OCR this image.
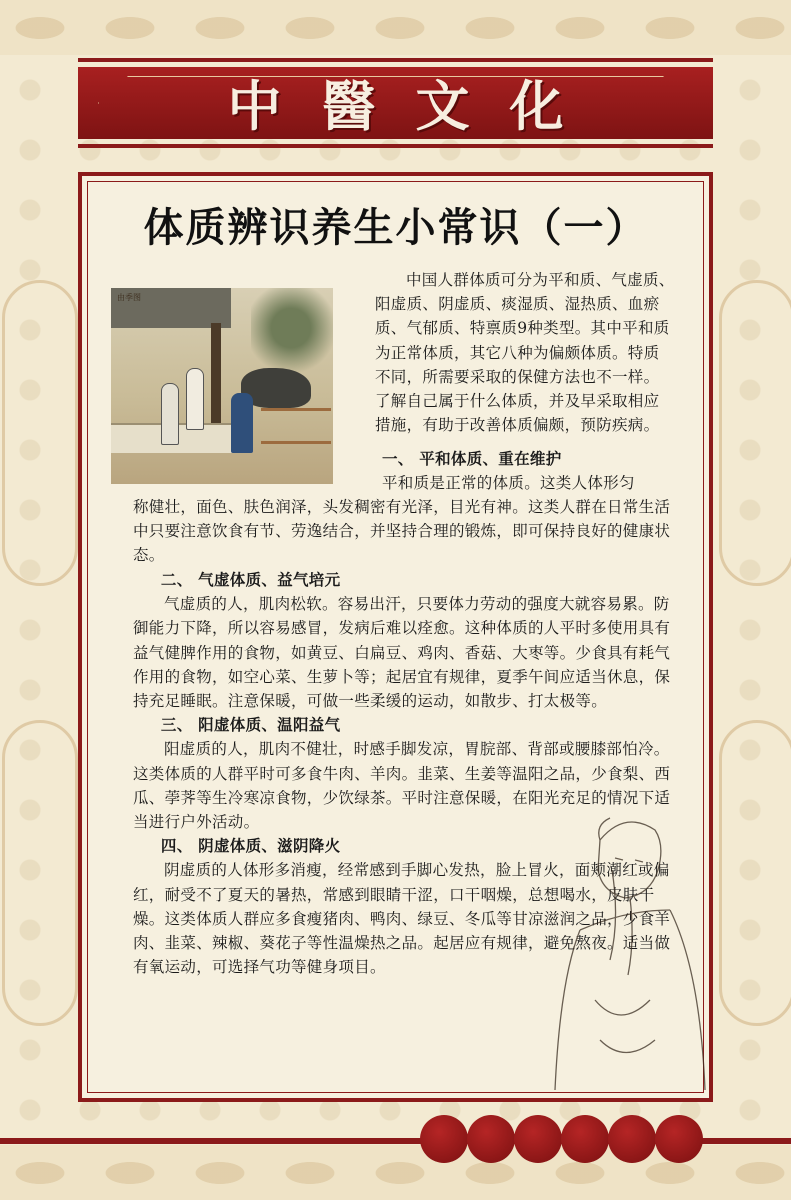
中醫文化
体质辨识养生小常识（一）
由季图
中国人群体质可分为平和质、气虚质、阳虚质、阴虚质、痰湿质、湿热质、血瘀质、气郁质、特禀质9种类型。其中平和质为正常体质，其它八种为偏颇体质。特质不同，所需要采取的保健方法也不一样。了解自己属于什么体质，并及早采取相应措施，有助于改善体质偏颇，预防疾病。
一、 平和体质、重在维护
平和质是正常的体质。这类人体形匀
称健壮，面色、肤色润泽，头发稠密有光泽，目光有神。这类人群在日常生活中只要注意饮食有节、劳逸结合，并坚持合理的锻炼，即可保持良好的健康状态。

二、 气虚体质、益气培元

气虚质的人，肌肉松软。容易出汗，只要体力劳动的强度大就容易累。防御能力下降，所以容易感冒，发病后难以痊愈。这种体质的人平时多使用具有益气健脾作用的食物，如黄豆、白扁豆、鸡肉、香菇、大枣等。少食具有耗气作用的食物，如空心菜、生萝卜等；起居宜有规律，夏季午间应适当休息，保持充足睡眠。注意保暖，可做一些柔缓的运动，如散步、打太极等。

三、 阳虚体质、温阳益气

阳虚质的人，肌肉不健壮，时感手脚发凉，胃脘部、背部或腰膝部怕冷。这类体质的人群平时可多食牛肉、羊肉。韭菜、生姜等温阳之品，少食梨、西瓜、荸荠等生冷寒凉食物，少饮绿茶。平时注意保暖，在阳光充足的情况下适当进行户外活动。

四、 阴虚体质、滋阴降火

阴虚质的人体形多消瘦，经常感到手脚心发热，脸上冒火，面颊潮红或偏红，耐受不了夏天的暑热，常感到眼睛干涩，口干咽燥，总想喝水，皮肤干燥。这类体质人群应多食瘦猪肉、鸭肉、绿豆、冬瓜等甘凉滋润之品，少食羊肉、韭菜、辣椒、葵花子等性温燥热之品。起居应有规律，避免熬夜。适当做有氧运动，可选择气功等健身项目。
